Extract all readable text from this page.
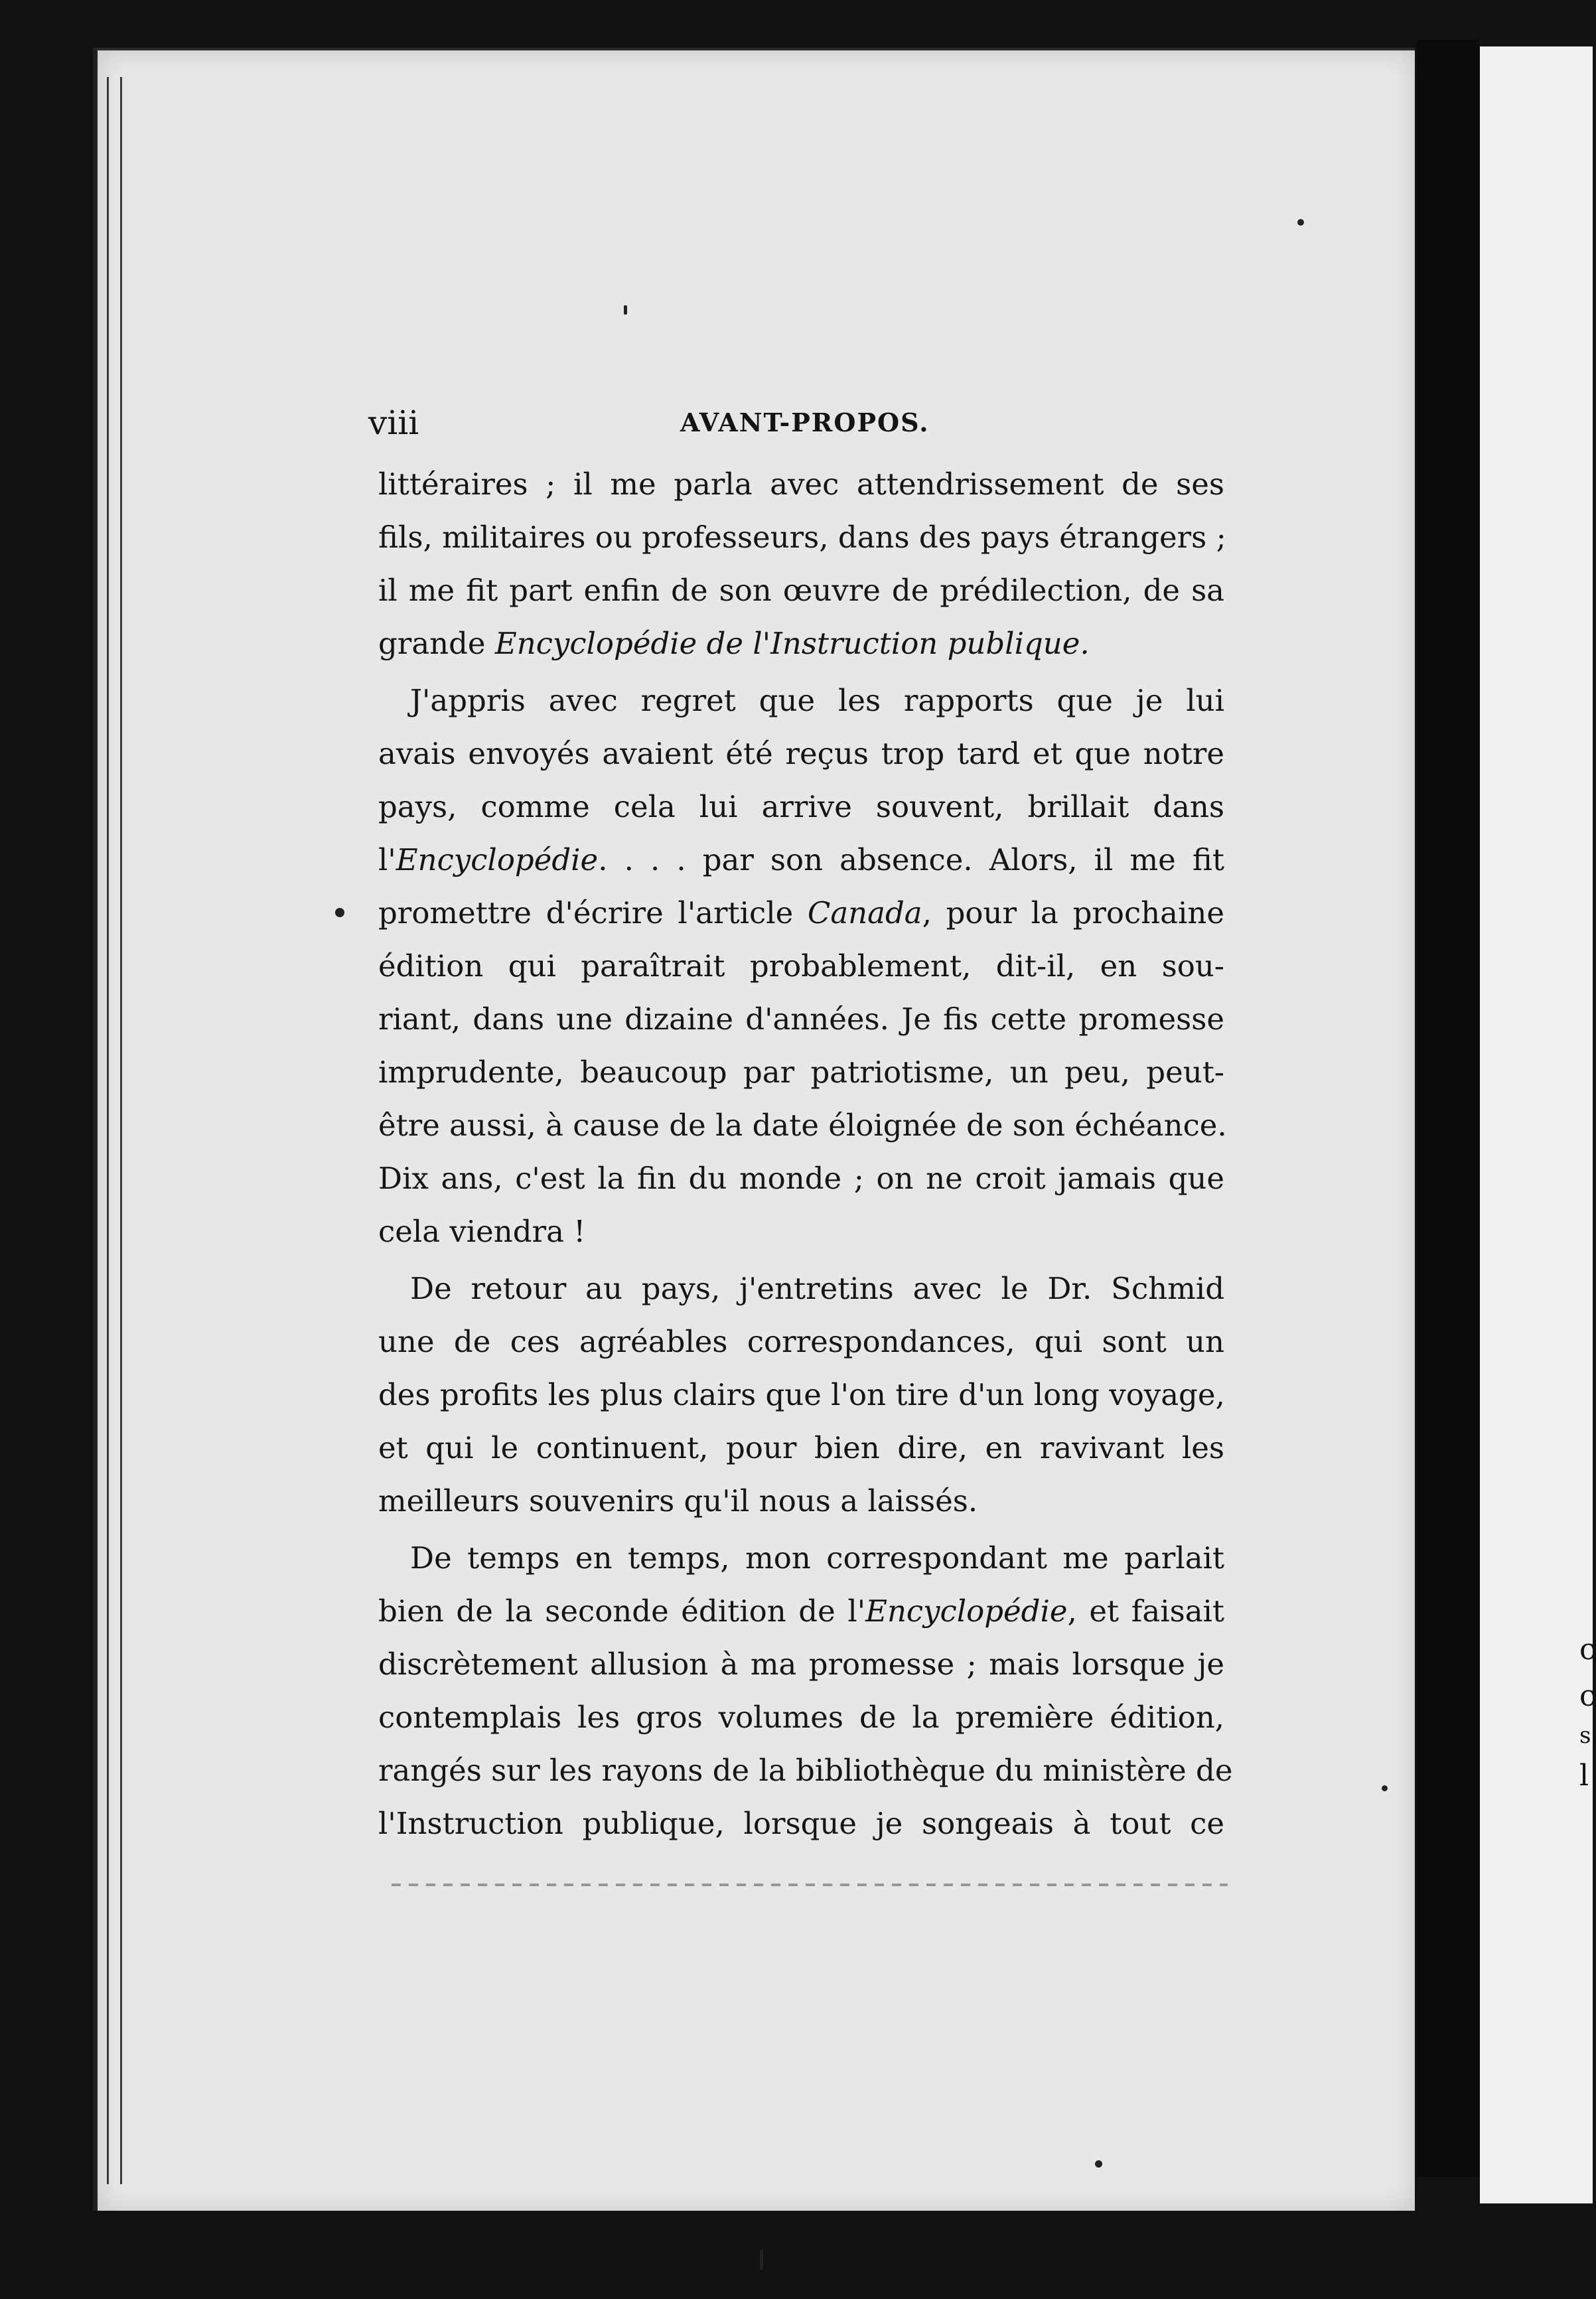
c
c
s
l
viii	AVANT-PROPOS.
littéraires ; il me parla avec attendrissement de ses
fils, militaires ou professeurs, dans des pays étrangers ;
il me fit part enfin de son œuvre de prédilection, de sa
grande Encyclopédie de l'Instruction publique.
J'appris avec regret que les rapports que je lui
avais envoyés avaient été reçus trop tard et que notre
pays, comme cela lui arrive souvent, brillait dans
l'Encyclopédie. . . . par son absence. Alors, il me fit
promettre d'écrire l'article Canada, pour la prochaine
édition qui paraîtrait probablement, dit-il, en sou-
riant, dans une dizaine d'années. Je fis cette promesse
imprudente, beaucoup par patriotisme, un peu, peut-
être aussi, à cause de la date éloignée de son échéance.
Dix ans, c'est la fin du monde ; on ne croit jamais que
cela viendra !
De retour au pays, j'entretins avec le Dr. Schmid
une de ces agréables correspondances, qui sont un
des profits les plus clairs que l'on tire d'un long voyage,
et qui le continuent, pour bien dire, en ravivant les
meilleurs souvenirs qu'il nous a laissés.
De temps en temps, mon correspondant me parlait
bien de la seconde édition de l'Encyclopédie, et faisait
discrètement allusion à ma promesse ; mais lorsque je
contemplais les gros volumes de la première édition,
rangés sur les rayons de la bibliothèque du ministère de
l'Instruction publique, lorsque je songeais à tout ce
